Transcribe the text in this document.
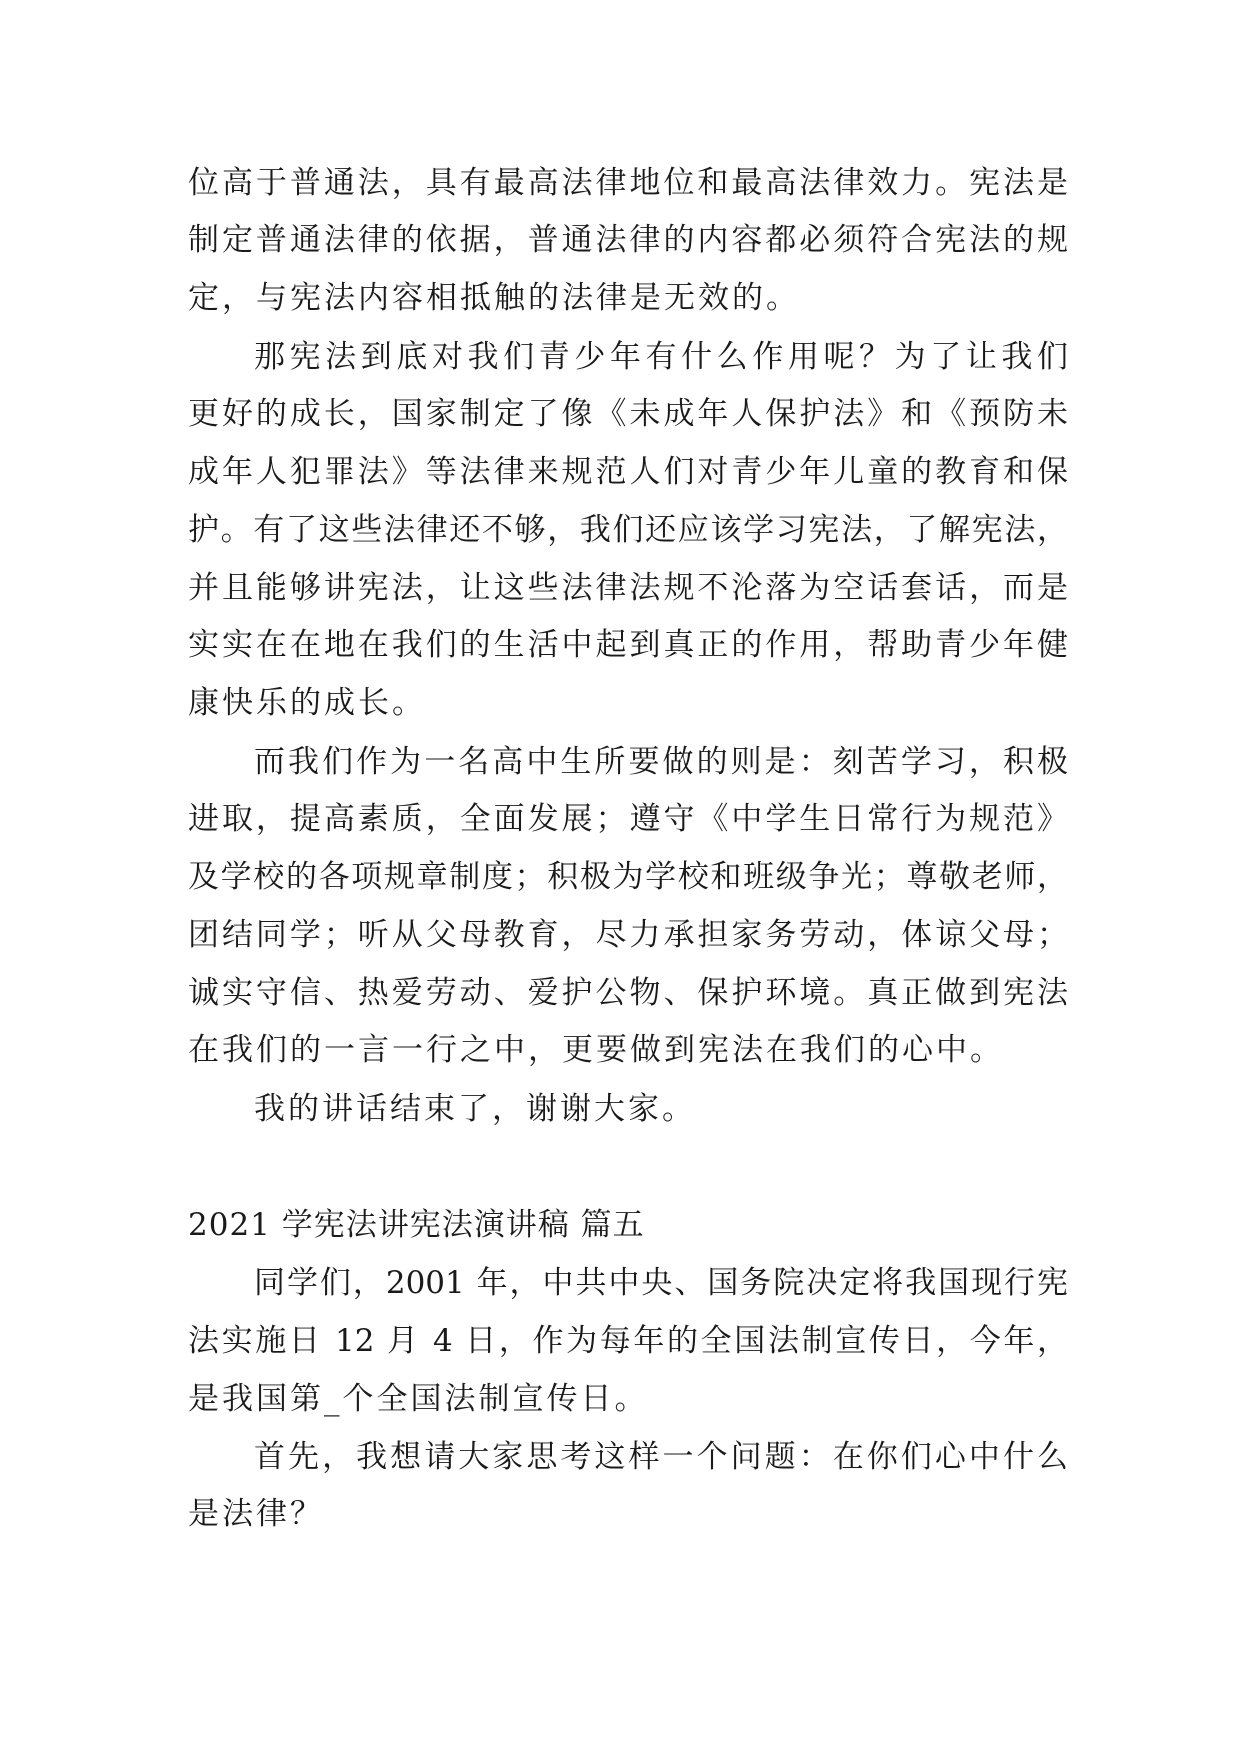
位高于普通法，具有最高法律地位和最高法律效力。宪法是
制定普通法律的依据，普通法律的内容都必须符合宪法的规
定，与宪法内容相抵触的法律是无效的。
那宪法到底对我们青少年有什么作用呢？为了让我们
更好的成长，国家制定了像《未成年人保护法》和《预防未
成年人犯罪法》等法律来规范人们对青少年儿童的教育和保
护。有了这些法律还不够，我们还应该学习宪法，了解宪法，
并且能够讲宪法，让这些法律法规不沦落为空话套话，而是
实实在在地在我们的生活中起到真正的作用，帮助青少年健
康快乐的成长。
而我们作为一名高中生所要做的则是：刻苦学习，积极
进取，提高素质，全面发展；遵守《中学生日常行为规范》
及学校的各项规章制度；积极为学校和班级争光；尊敬老师，
团结同学；听从父母教育，尽力承担家务劳动，体谅父母；
诚实守信、热爱劳动、爱护公物、保护环境。真正做到宪法
在我们的一言一行之中，更要做到宪法在我们的心中。
我的讲话结束了，谢谢大家。
2021 学宪法讲宪法演讲稿 篇五
同学们，2001 年，中共中央、国务院决定将我国现行宪
法实施日 12 月 4 日，作为每年的全国法制宣传日，今年，
是我国第_个全国法制宣传日。
首先，我想请大家思考这样一个问题：在你们心中什么
是法律？
